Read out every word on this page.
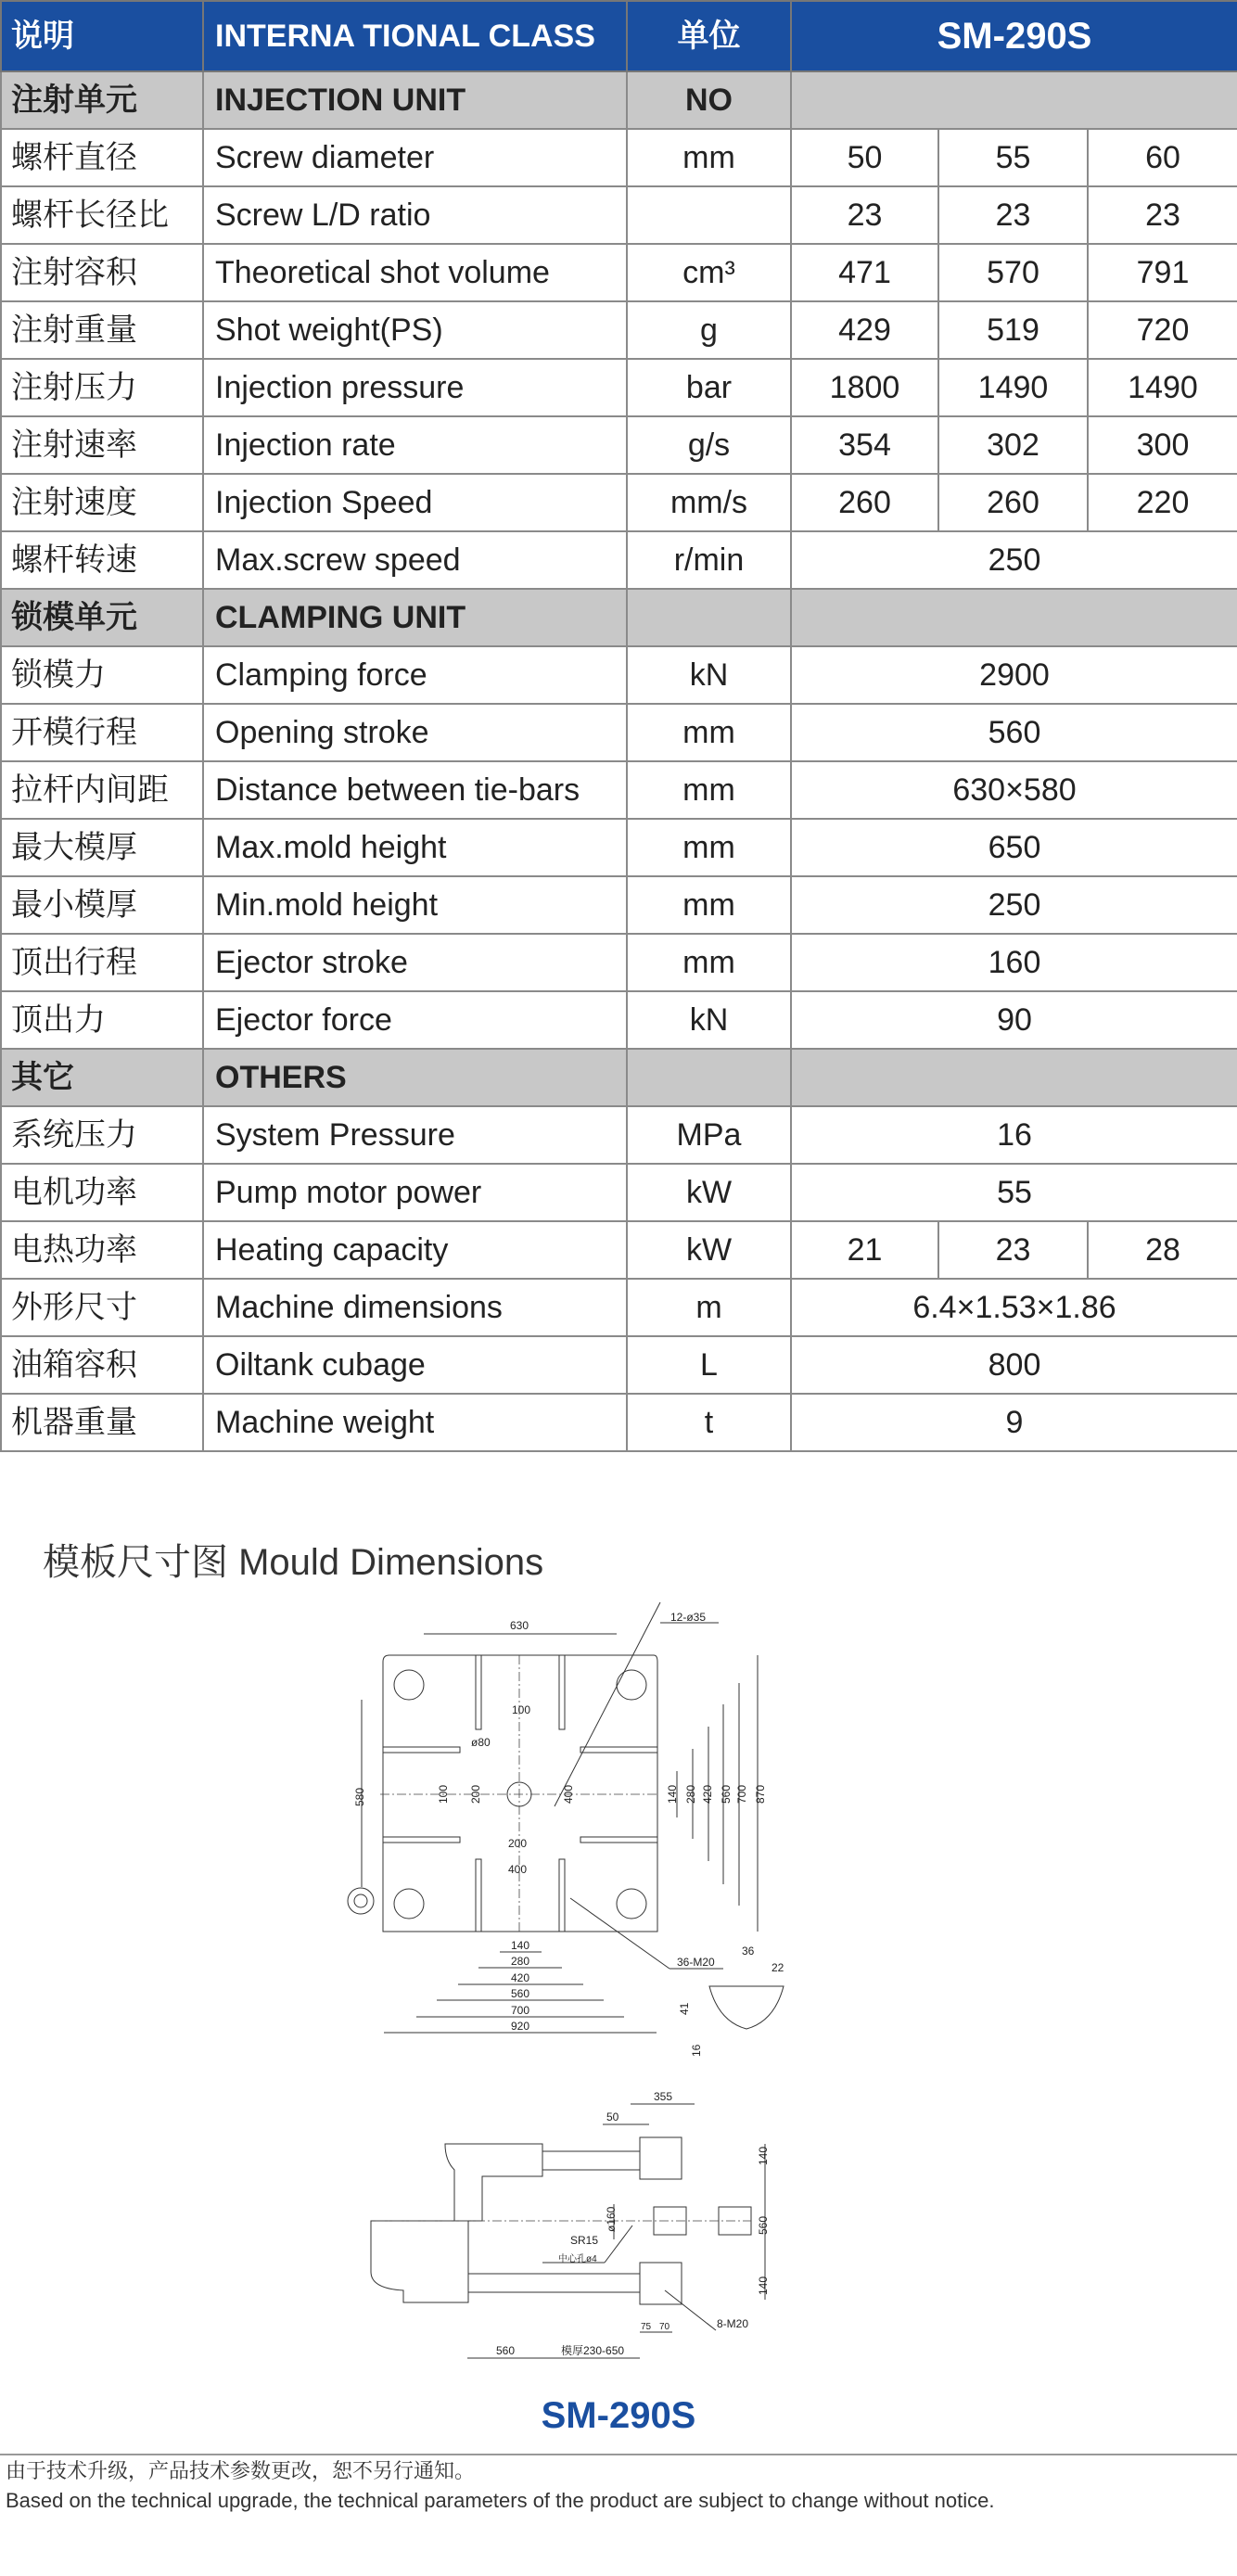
说明	INTERNA TIONAL CLASS	单位	SM-290S		
注射单元	INJECTION UNIT	NO			
螺杆直径	Screw diameter	mm	50	55	60
螺杆长径比	Screw L/D ratio		23	23	23
注射容积	Theoretical shot volume	cm³	471	570	791
注射重量	Shot weight(PS)	g	429	519	720
注射压力	Injection pressure	bar	1800	1490	1490
注射速率	Injection rate	g/s	354	302	300
注射速度	Injection Speed	mm/s	260	260	220
螺杆转速	Max.screw speed	r/min	250		
锁模单元	CLAMPING UNIT				
锁模力	Clamping force	kN	2900		
开模行程	Opening stroke	mm	560		
拉杆内间距	Distance between tie-bars	mm	630×580		
最大模厚	Max.mold height	mm	650		
最小模厚	Min.mold height	mm	250		
顶出行程	Ejector stroke	mm	160		
顶出力	Ejector force	kN	90		
其它	OTHERS				
系统压力	System Pressure	MPa	16		
电机功率	Pump motor power	kW	55		
电热功率	Heating capacity	kW	21	23	28
外形尺寸	Machine dimensions	m	6.4×1.53×1.86		
油箱容积	Oiltank cubage	L	800		
机器重量	Machine weight	t	9		
模板尺寸图 Mould Dimensions
630
12-ø35
100
ø80
580	100 200	400
200
400
140 280 420 560 700 870
140
280
420
560
700
920
36-M20
36
22
41
16
355
50
140
560
140
ø160
SR15
中心孔ø4
75 70	8-M20
560	模厚230-650
SM-290S
由于技术升级，产品技术参数更改，恕不另行通知。
Based on the technical upgrade, the technical parameters of the product are subject to change without notice.
